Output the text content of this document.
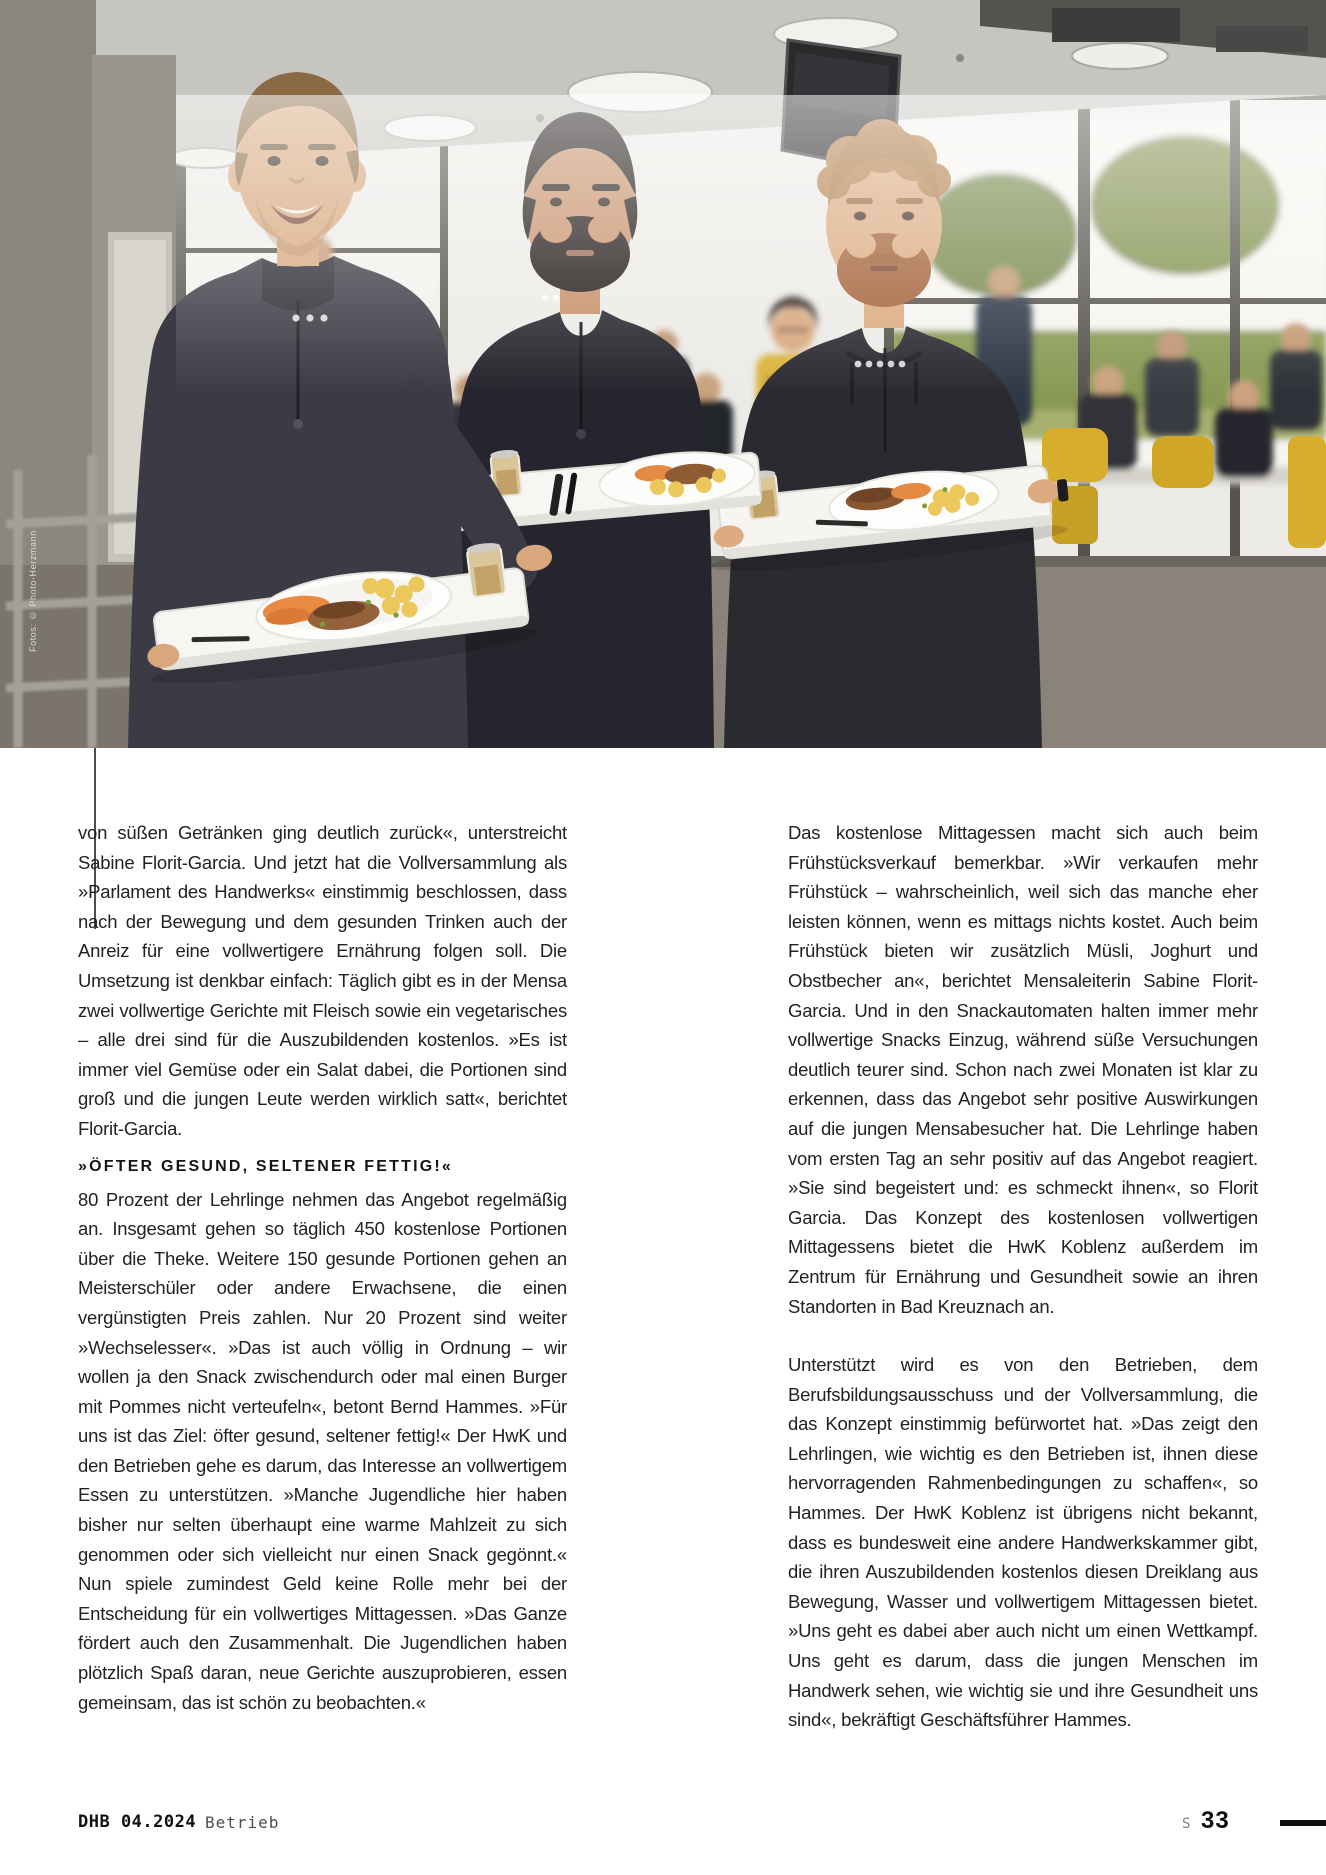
Fotos: © Photo-Herzmann

von süßen Getränken ging deutlich zurück«, unterstreicht Sabine Florit-Garcia. Und jetzt hat die Vollversammlung als »Parlament des Handwerks« einstimmig beschlossen, dass nach der Bewegung und dem gesunden Trinken auch der Anreiz für eine vollwertigere Ernährung folgen soll. Die Umsetzung ist denkbar einfach: Täglich gibt es in der Mensa zwei vollwertige Gerichte mit Fleisch sowie ein vegetarisches – alle drei sind für die Auszubildenden kostenlos. »Es ist immer viel Gemüse oder ein Salat dabei, die Portionen sind groß und die jungen Leute werden wirklich satt«, berichtet Florit-Garcia.

»ÖFTER GESUND, SELTENER FETTIG!«

80 Prozent der Lehrlinge nehmen das Angebot regelmäßig an. Insgesamt gehen so täglich 450 kostenlose Portionen über die Theke. Weitere 150 gesunde Portionen gehen an Meisterschüler oder andere Erwachsene, die einen vergünstigten Preis zahlen. Nur 20 Prozent sind weiter »Wechselesser«. »Das ist auch völlig in Ordnung – wir wollen ja den Snack zwischendurch oder mal einen Burger mit Pommes nicht verteufeln«, betont Bernd Hammes. »Für uns ist das Ziel: öfter gesund, seltener fettig!« Der HwK und den Betrieben gehe es darum, das Interesse an vollwertigem Essen zu unterstützen. »Manche Jugendliche hier haben bisher nur selten überhaupt eine warme Mahlzeit zu sich genommen oder sich vielleicht nur einen Snack gegönnt.« Nun spiele zumindest Geld keine Rolle mehr bei der Entscheidung für ein vollwertiges Mittagessen. »Das Ganze fördert auch den Zusammenhalt. Die Jugendlichen haben plötzlich Spaß daran, neue Gerichte auszuprobieren, essen gemeinsam, das ist schön zu beobachten.«

Das kostenlose Mittagessen macht sich auch beim Frühstücksverkauf bemerkbar. »Wir verkaufen mehr Frühstück – wahrscheinlich, weil sich das manche eher leisten können, wenn es mittags nichts kostet. Auch beim Frühstück bieten wir zusätzlich Müsli, Joghurt und Obstbecher an«, berichtet Mensaleiterin Sabine Florit-Garcia. Und in den Snackautomaten halten immer mehr vollwertige Snacks Einzug, während süße Versuchungen deutlich teurer sind. Schon nach zwei Monaten ist klar zu erkennen, dass das Angebot sehr positive Auswirkungen auf die jungen Mensabesucher hat. Die Lehrlinge haben vom ersten Tag an sehr positiv auf das Angebot reagiert. »Sie sind begeistert und: es schmeckt ihnen«, so Florit Garcia. Das Konzept des kostenlosen vollwertigen Mittagessens bietet die HwK Koblenz außerdem im Zentrum für Ernährung und Gesundheit sowie an ihren Standorten in Bad Kreuznach an.

Unterstützt wird es von den Betrieben, dem Berufsbildungsausschuss und der Vollversammlung, die das Konzept einstimmig befürwortet hat. »Das zeigt den Lehrlingen, wie wichtig es den Betrieben ist, ihnen diese hervorragenden Rahmenbedingungen zu schaffen«, so Hammes. Der HwK Koblenz ist übrigens nicht bekannt, dass es bundesweit eine andere Handwerkskammer gibt, die ihren Auszubildenden kostenlos diesen Dreiklang aus Bewegung, Wasser und vollwertigem Mittagessen bietet. »Uns geht es dabei aber auch nicht um einen Wettkampf. Uns geht es darum, dass die jungen Menschen im Handwerk sehen, wie wichtig sie und ihre Gesundheit uns sind«, bekräftigt Geschäftsführer Hammes.

DHB 04.2024 Betrieb	S 33
